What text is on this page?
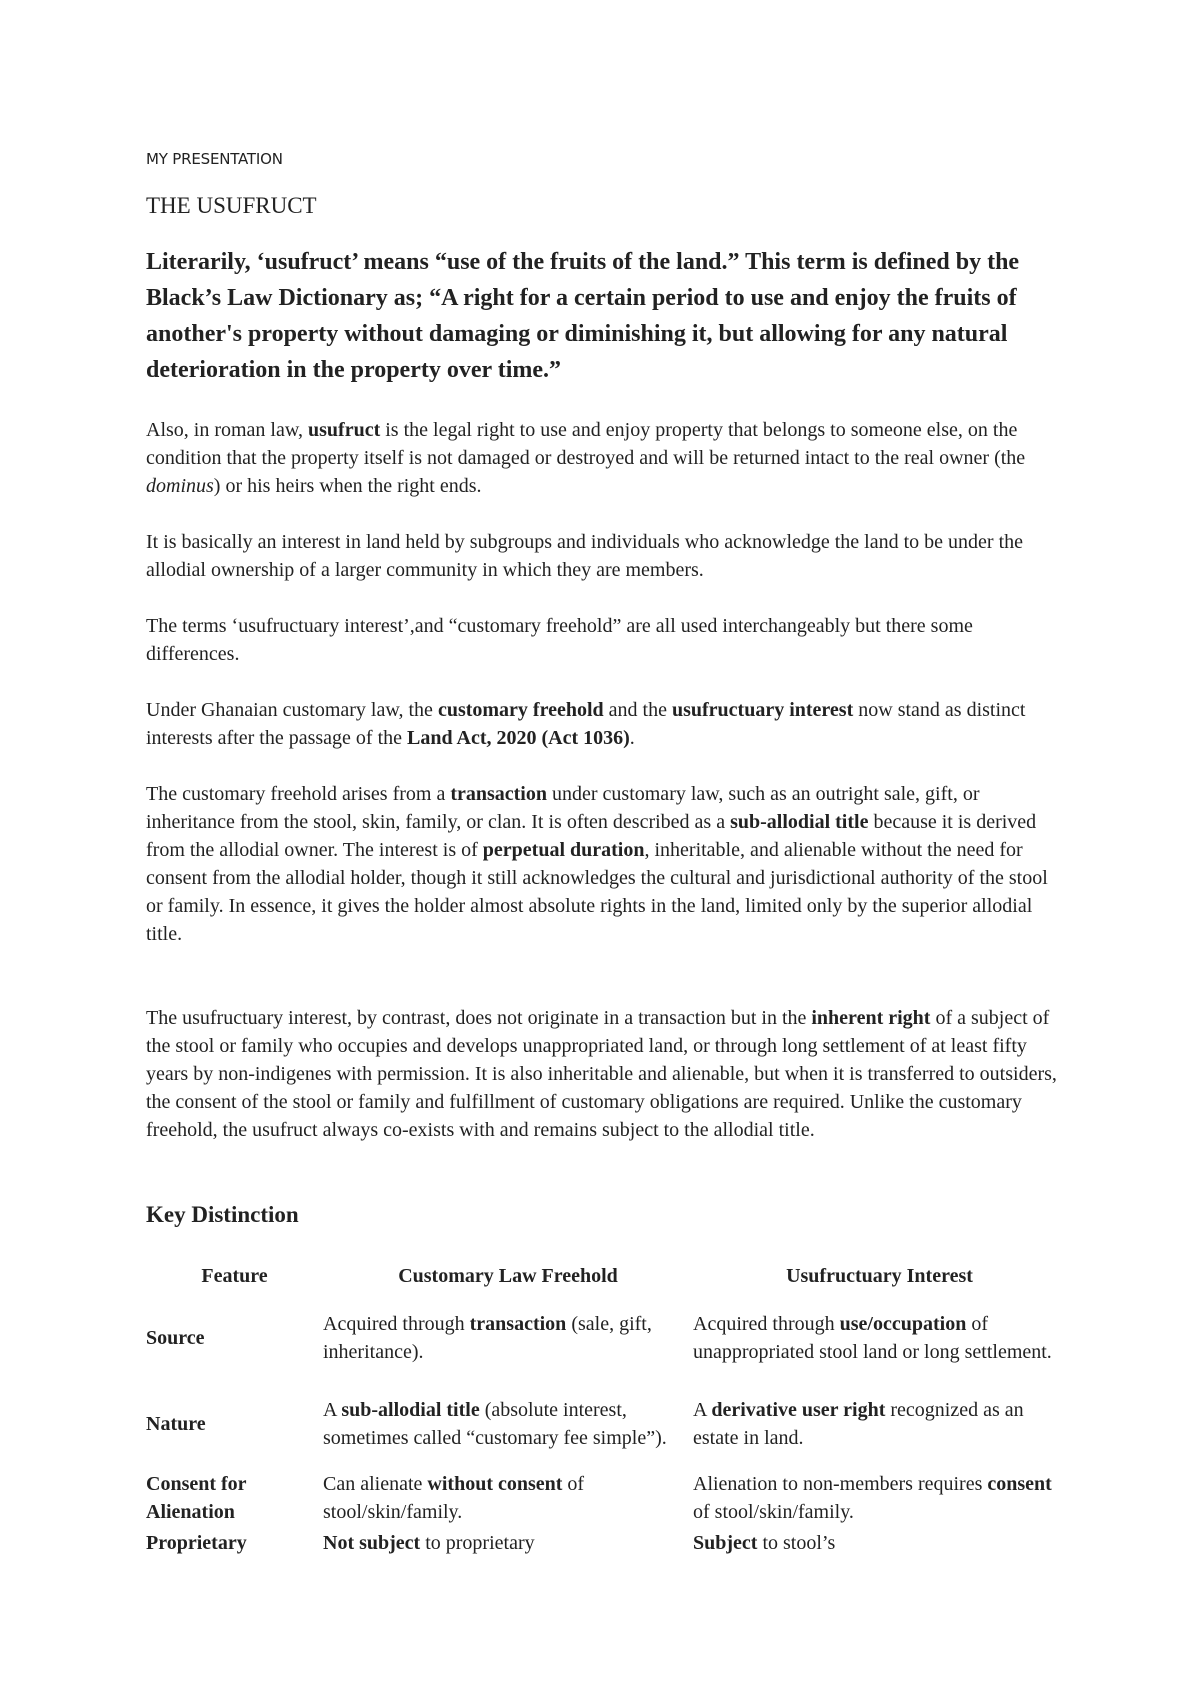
MY PRESENTATION
THE USUFRUCT
Literarily, ‘usufruct’ means “use of the fruits of the land.” This term is defined by the Black’s Law Dictionary as; “A right for a certain period to use and enjoy the fruits of another's property without damaging or diminishing it, but allowing for any natural deterioration in the property over time.”
Also, in roman law, usufruct is the legal right to use and enjoy property that belongs to someone else, on the condition that the property itself is not damaged or destroyed and will be returned intact to the real owner (the dominus) or his heirs when the right ends.
It is basically an interest in land held by subgroups and individuals who acknowledge the land to be under the allodial ownership of a larger community in which they are members.
The terms ‘usufructuary interest’,and “customary freehold” are all used interchangeably but there some differences.
Under Ghanaian customary law, the customary freehold and the usufructuary interest now stand as distinct interests after the passage of the Land Act, 2020 (Act 1036).
The customary freehold arises from a transaction under customary law, such as an outright sale, gift, or inheritance from the stool, skin, family, or clan. It is often described as a sub-allodial title because it is derived from the allodial owner. The interest is of perpetual duration, inheritable, and alienable without the need for consent from the allodial holder, though it still acknowledges the cultural and jurisdictional authority of the stool or family. In essence, it gives the holder almost absolute rights in the land, limited only by the superior allodial title.
The usufructuary interest, by contrast, does not originate in a transaction but in the inherent right of a subject of the stool or family who occupies and develops unappropriated land, or through long settlement of at least fifty years by non-indigenes with permission. It is also inheritable and alienable, but when it is transferred to outsiders, the consent of the stool or family and fulfillment of customary obligations are required. Unlike the customary freehold, the usufruct always co-exists with and remains subject to the allodial title.
Key Distinction
Feature	Customary Law Freehold	Usufructuary Interest
Source	Acquired through transaction (sale, gift, inheritance).	Acquired through use/occupation of unappropriated stool land or long settlement.
Nature	A sub-allodial title (absolute interest, sometimes called “customary fee simple”).	A derivative user right recognized as an estate in land.
Consent for Alienation	Can alienate without consent of stool/skin/family.	Alienation to non-members requires consent of stool/skin/family.
Proprietary	Not subject to proprietary	Subject to stool’s
